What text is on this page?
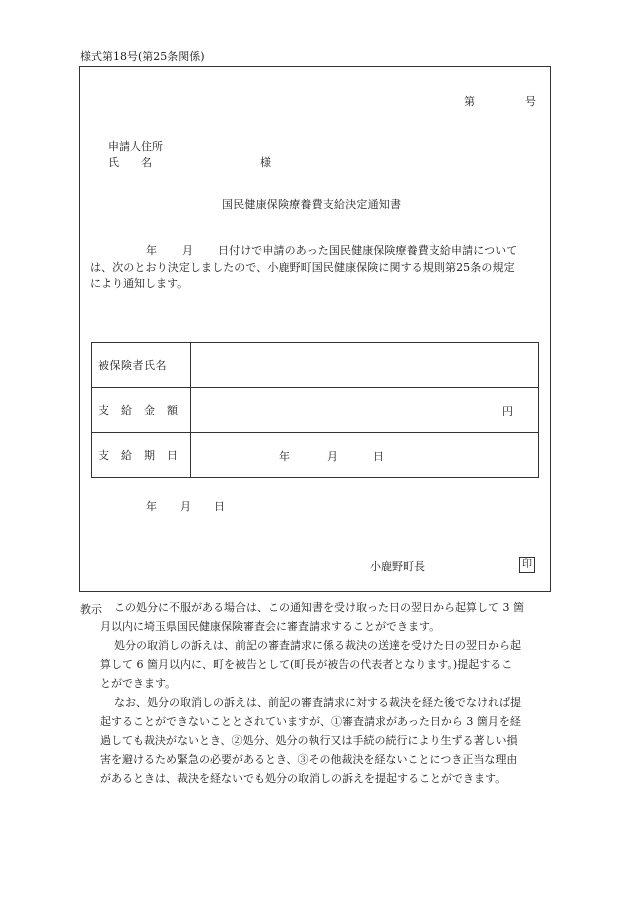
様式第18号(第25条関係)
第	号
申請人住所
氏　　名	様
国民健康保険療養費支給決定通知書
年 月 日付けで申請のあった国民健康保険療養費支給申請について
は、次のとおり決定しましたので、小鹿野町国民健康保険に関する規則第25条の規定
により通知します。
被保険者氏名	
支　給　金　額	円

支　給　期　日	年 月 日
年 月 日
小鹿野町長	印
教示 この処分に不服がある場合は、この通知書を受け取った日の翌日から起算して 3 箇
月以内に埼玉県国民健康保険審査会に審査請求することができます。
処分の取消しの訴えは、前記の審査請求に係る裁決の送達を受けた日の翌日から起
算して 6 箇月以内に、町を被告として(町長が被告の代表者となります。)提起するこ
とができます。
なお、処分の取消しの訴えは、前記の審査請求に対する裁決を経た後でなければ提
起することができないこととされていますが、①審査請求があった日から 3 箇月を経
過しても裁決がないとき、②処分、処分の執行又は手続の続行により生ずる著しい損
害を避けるため緊急の必要があるとき、③その他裁決を経ないことにつき正当な理由
があるときは、裁決を経ないでも処分の取消しの訴えを提起することができます。
